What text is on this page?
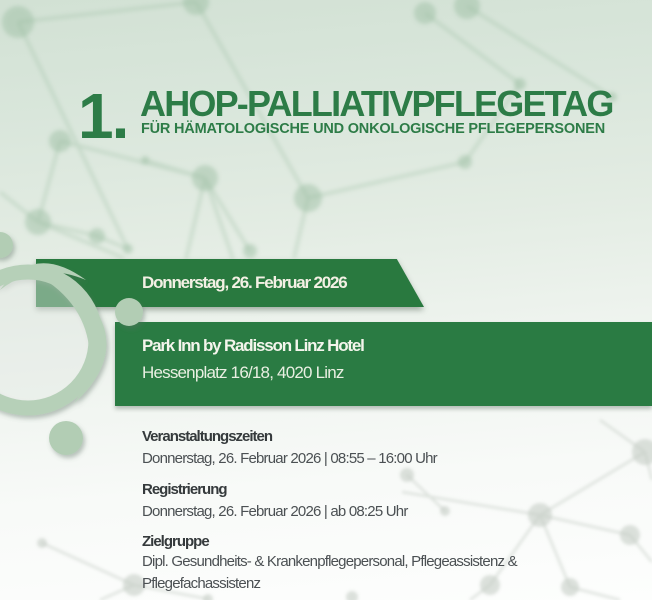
1. AHOP-PALLIATIVPFLEGETAG
FÜR HÄMATOLOGISCHE UND ONKOLOGISCHE PFLEGEPERSONEN
Donnerstag, 26. Februar 2026
Park Inn by Radisson Linz Hotel
Hessenplatz 16/18, 4020 Linz
Veranstaltungszeiten
Donnerstag, 26. Februar 2026 | 08:55 – 16:00 Uhr
Registrierung
Donnerstag, 26. Februar 2026 | ab 08:25 Uhr
Zielgruppe
Dipl. Gesundheits- & Krankenpflegepersonal, Pflegeassistenz &
Pflegefachassistenz
